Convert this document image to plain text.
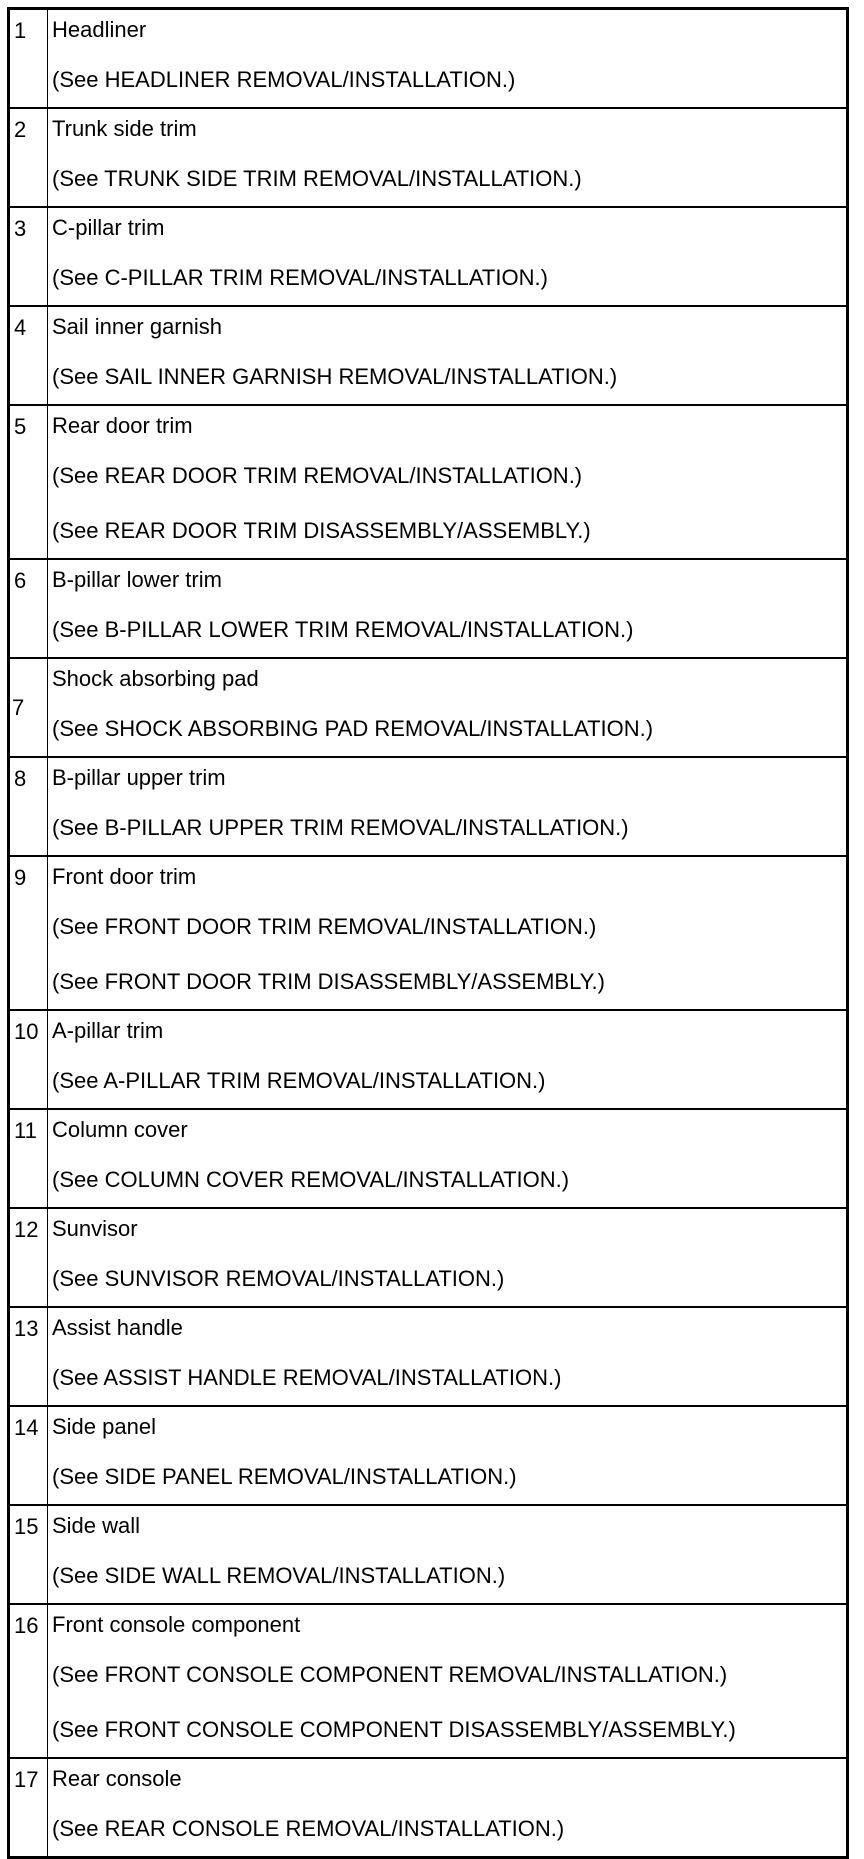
1	Headliner
(See HEADLINER REMOVAL/INSTALLATION.)

2	Trunk side trim
(See TRUNK SIDE TRIM REMOVAL/INSTALLATION.)

3	C-pillar trim
(See C-PILLAR TRIM REMOVAL/INSTALLATION.)

4	Sail inner garnish
(See SAIL INNER GARNISH REMOVAL/INSTALLATION.)

5	Rear door trim
(See REAR DOOR TRIM REMOVAL/INSTALLATION.)
(See REAR DOOR TRIM DISASSEMBLY/ASSEMBLY.)

6	B-pillar lower trim
(See B-PILLAR LOWER TRIM REMOVAL/INSTALLATION.)

7	Shock absorbing pad
(See SHOCK ABSORBING PAD REMOVAL/INSTALLATION.)

8	B-pillar upper trim
(See B-PILLAR UPPER TRIM REMOVAL/INSTALLATION.)

9	Front door trim
(See FRONT DOOR TRIM REMOVAL/INSTALLATION.)
(See FRONT DOOR TRIM DISASSEMBLY/ASSEMBLY.)

10	A-pillar trim
(See A-PILLAR TRIM REMOVAL/INSTALLATION.)

11	Column cover
(See COLUMN COVER REMOVAL/INSTALLATION.)

12	Sunvisor
(See SUNVISOR REMOVAL/INSTALLATION.)

13	Assist handle
(See ASSIST HANDLE REMOVAL/INSTALLATION.)

14	Side panel
(See SIDE PANEL REMOVAL/INSTALLATION.)

15	Side wall
(See SIDE WALL REMOVAL/INSTALLATION.)

16	Front console component
(See FRONT CONSOLE COMPONENT REMOVAL/INSTALLATION.)
(See FRONT CONSOLE COMPONENT DISASSEMBLY/ASSEMBLY.)

17	Rear console
(See REAR CONSOLE REMOVAL/INSTALLATION.)
